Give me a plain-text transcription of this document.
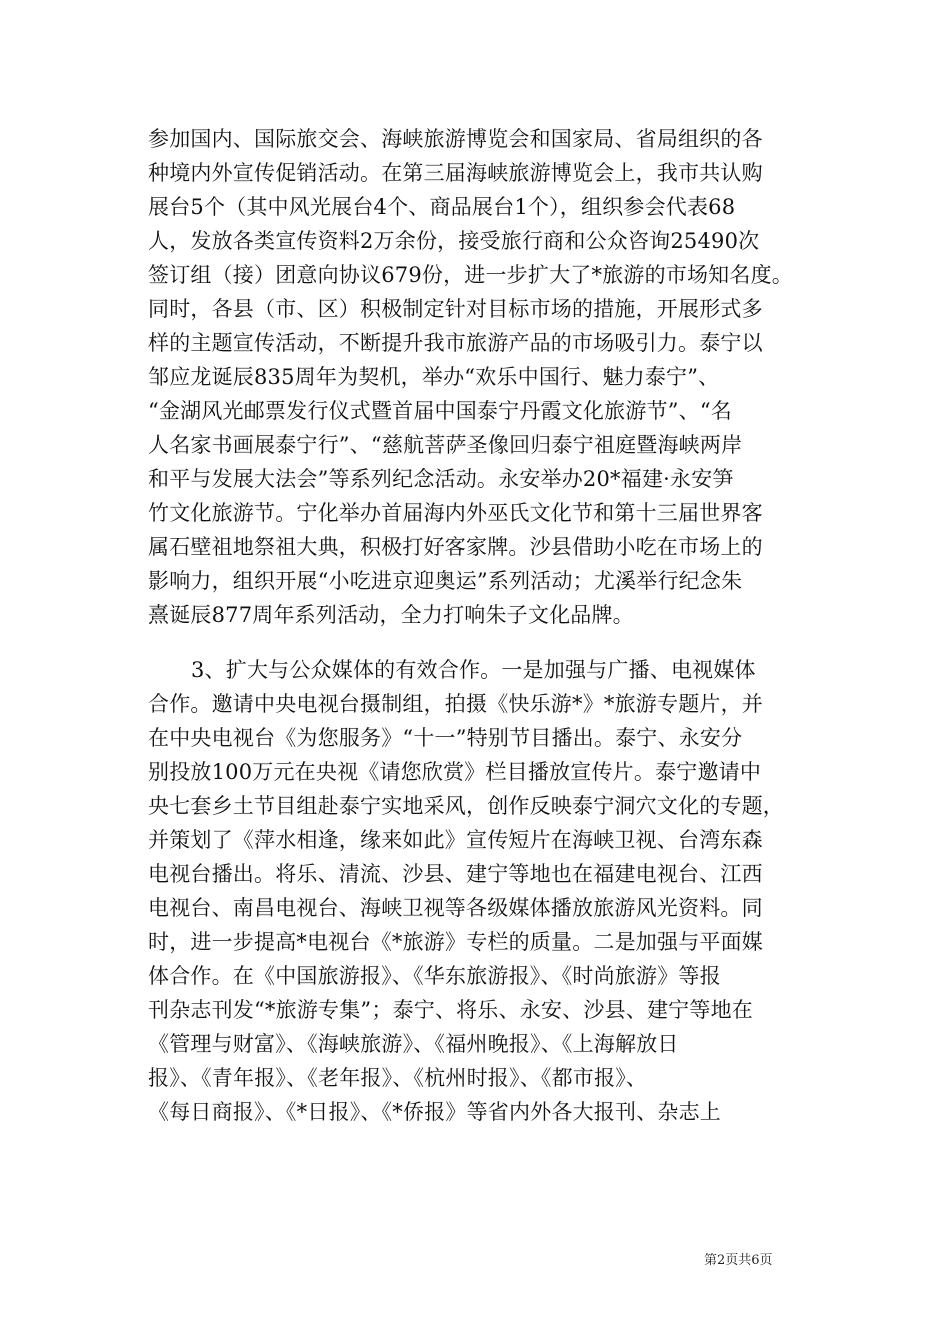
参加国内、国际旅交会、海峡旅游博览会和国家局、省局组织的各
种境内外宣传促销活动。在第三届海峡旅游博览会上，我市共认购
展台5个（其中风光展台4个、商品展台1个），组织参会代表68
人，发放各类宣传资料2万余份，接受旅行商和公众咨询25490次
签订组（接）团意向协议679份，进一步扩大了*旅游的市场知名度。
同时，各县（市、区）积极制定针对目标市场的措施，开展形式多
样的主题宣传活动，不断提升我市旅游产品的市场吸引力。泰宁以
邹应龙诞辰835周年为契机，举办“欢乐中国行、魅力泰宁”、
“金湖风光邮票发行仪式暨首届中国泰宁丹霞文化旅游节”、“名
人名家书画展泰宁行”、“慈航菩萨圣像回归泰宁祖庭暨海峡两岸
和平与发展大法会”等系列纪念活动。永安举办20*福建·永安笋
竹文化旅游节。宁化举办首届海内外巫氏文化节和第十三届世界客
属石壁祖地祭祖大典，积极打好客家牌。沙县借助小吃在市场上的
影响力，组织开展“小吃进京迎奥运”系列活动；尤溪举行纪念朱
熹诞辰877周年系列活动，全力打响朱子文化品牌。
3、扩大与公众媒体的有效合作。一是加强与广播、电视媒体
合作。邀请中央电视台摄制组，拍摄《快乐游*》*旅游专题片，并
在中央电视台《为您服务》“十一”特别节目播出。泰宁、永安分
别投放100万元在央视《请您欣赏》栏目播放宣传片。泰宁邀请中
央七套乡土节目组赴泰宁实地采风，创作反映泰宁洞穴文化的专题，
并策划了《萍水相逢，缘来如此》宣传短片在海峡卫视、台湾东森
电视台播出。将乐、清流、沙县、建宁等地也在福建电视台、江西
电视台、南昌电视台、海峡卫视等各级媒体播放旅游风光资料。同
时，进一步提高*电视台《*旅游》专栏的质量。二是加强与平面媒
体合作。在《中国旅游报》、《华东旅游报》、《时尚旅游》等报
刊杂志刊发“*旅游专集”；泰宁、将乐、永安、沙县、建宁等地在
《管理与财富》、《海峡旅游》、《福州晚报》、《上海解放日
报》、《青年报》、《老年报》、《杭州时报》、《都市报》、
《每日商报》、《*日报》、《*侨报》等省内外各大报刊、杂志上
第2页共6页
